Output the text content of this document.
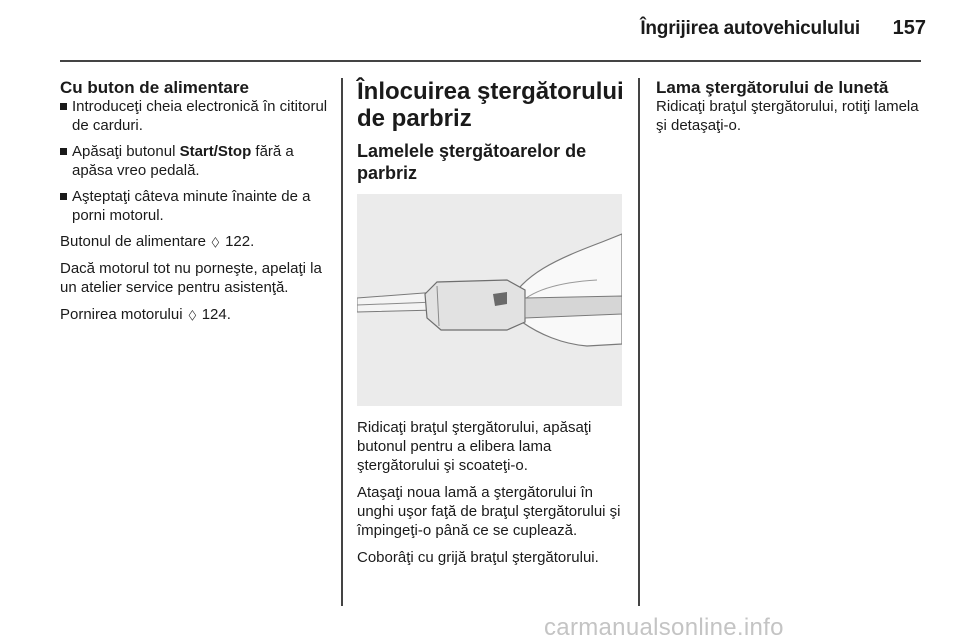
Îngrijirea autovehiculului	157
Cu buton de alimentare
Introduceţi cheia electronică în cititorul de carduri.
Apăsaţi butonul Start/Stop fără a apăsa vreo pedală.
Aşteptaţi câteva minute înainte de a porni motorul.

Butonul de alimentare ◇ 122.

Dacă motorul tot nu porneşte, apelaţi la un atelier service pentru asistenţă.

Pornirea motorului ◇ 124.

Înlocuirea ştergătorului de parbriz
Lamelele ştergătoarelor de parbriz

Ridicaţi braţul ştergătorului, apăsaţi butonul pentru a elibera lama ştergătorului şi scoateţi-o.

Ataşaţi noua lamă a ştergătorului în unghi uşor faţă de braţul ştergătorului şi împingeţi-o până ce se cuplează.

Coborâţi cu grijă braţul ştergătorului.

Lama ştergătorului de lunetă

Ridicaţi braţul ştergătorului, rotiţi lamela şi detaşaţi-o.

carmanualsonline.info
